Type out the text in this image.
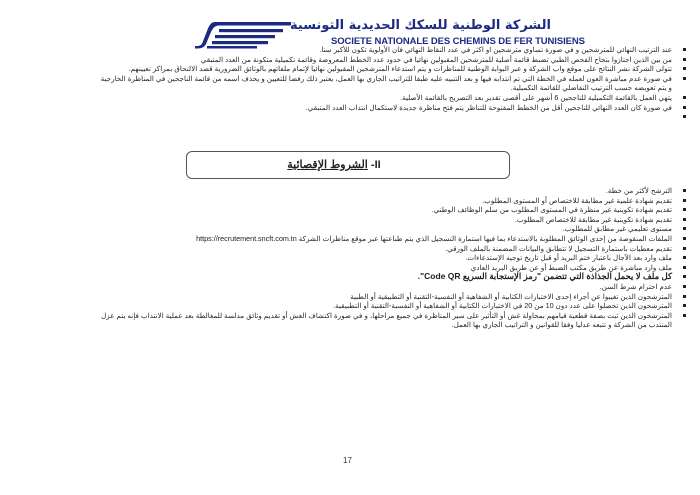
الشركة الوطنية للسكك الحديدية التونسية
SOCIETE NATIONALE DES CHEMINS DE FER TUNISIENS
عند الترتيب النهائي للمترشحين و في صورة تساوي مترشحين او اكثر في عدد النقاط النهائي فان الأولوية تكون للأكبر سنا.
من بين الذين اجتازوا بنجاح الفحص الطبي تضبط قائمة أصلية للمترشحين المقبولين نهائيا في حدود عدد الخطط المعروضة وقائمة تكميلية متكونة من العدد المتبقي
تتولى الشركة نشر النتائج على موقع واب الشركة و عبر البوابة الوطنية للمناظرات و يتم استدعاء المترشحين المقبولين نهائيا لإتمام ملفاتهم بالوثائق الضرورية قصد الالتحاق بمراكز تعيينهم.
في صورة عدم مباشرة العون لعمله في الخطة التي تم انتدابه فيها و بعد التنبيه عليه طبقا للتراتيب الجاري بها العمل، يعتبر ذلك رفضا للتعيين و يحذف اسمه من قائمة الناجحين في المناظرة الخارجية
و يتم تعويضه حسب الترتيب التفاضلي للقائمة التكميلية.
يتهي العمل بالقائمة التكميلية للناجحين 6 أشهر على أقصى تقدير بعد التصريح بالقائمة الأصلية.
في صورة كان العدد النهائي للناجحين أقل من الخطط المفتوحة للتناظر يتم فتح مناظرة جديدة لاستكمال انتداب العدد المتبقي.

II- الشروط الإقصائية
الترشح لأكثر من خطة.
تقديم شهادة علمية غير مطابقة للاختصاص أو المستوى المطلوب.
تقديم شهادة تكوينية غير منظرة في المستوى المطلوب من سلم الوظائف الوطني.
تقديم شهادة تكوينية غير مطابقة للاختصاص المطلوب.
مستوى تعليمي غير مطابق للمطلوب.
الملفات المنقوصة من إحدى الوثائق المطلوبة بالاستدعاء بما فيها استمارة التسجيل الذي يتم طباعتها عبر موقع مناظرات الشركة https://recrutement.sncft.com.tn
تقديم معطيات باستمارة التسجيل لا تتطابق والبيانات المضمنة بالملف الورقي.
ملف وارد بعد الآجال باعتبار ختم البريد أو قبل تاريخ توجيه الإستدعاءات.
ملف وارد مباشرة عن طريق مكتب الضبط أو عن طريق البريد العادي
كل ملف لا يحمل الجذاذة التي تتضمن "رمز الإستجابة السريع Code QR".
عدم احترام شرط السن.
المترشحون الذين تغيبوا عن أجراء إحدى الاختبارات الكتابية أو الشفاهية أو النفسية-التقنية أو التطبيقية أو الطبية
المترشحون الذين تحصلوا على عدد دون 10 من 20 في الاختبارات الكتابية أو الشفاهية أو النفسية-التقنية أو التطبيقية.
المترشحون الذين ثبت بصفة قطعية قيامهم بمحاولة غش أو التأثير على سير المناظرة في جميع مراحلها، و في صورة اكتشاف الغش أو تقديم وثائق مدلسة للمغالطة بعد عملية الانتداب فإنه يتم عزل
المنتدب من الشركة و تتبعه عدليا وفقا للقوانين و التراتيب الجاري بها العمل.
17
